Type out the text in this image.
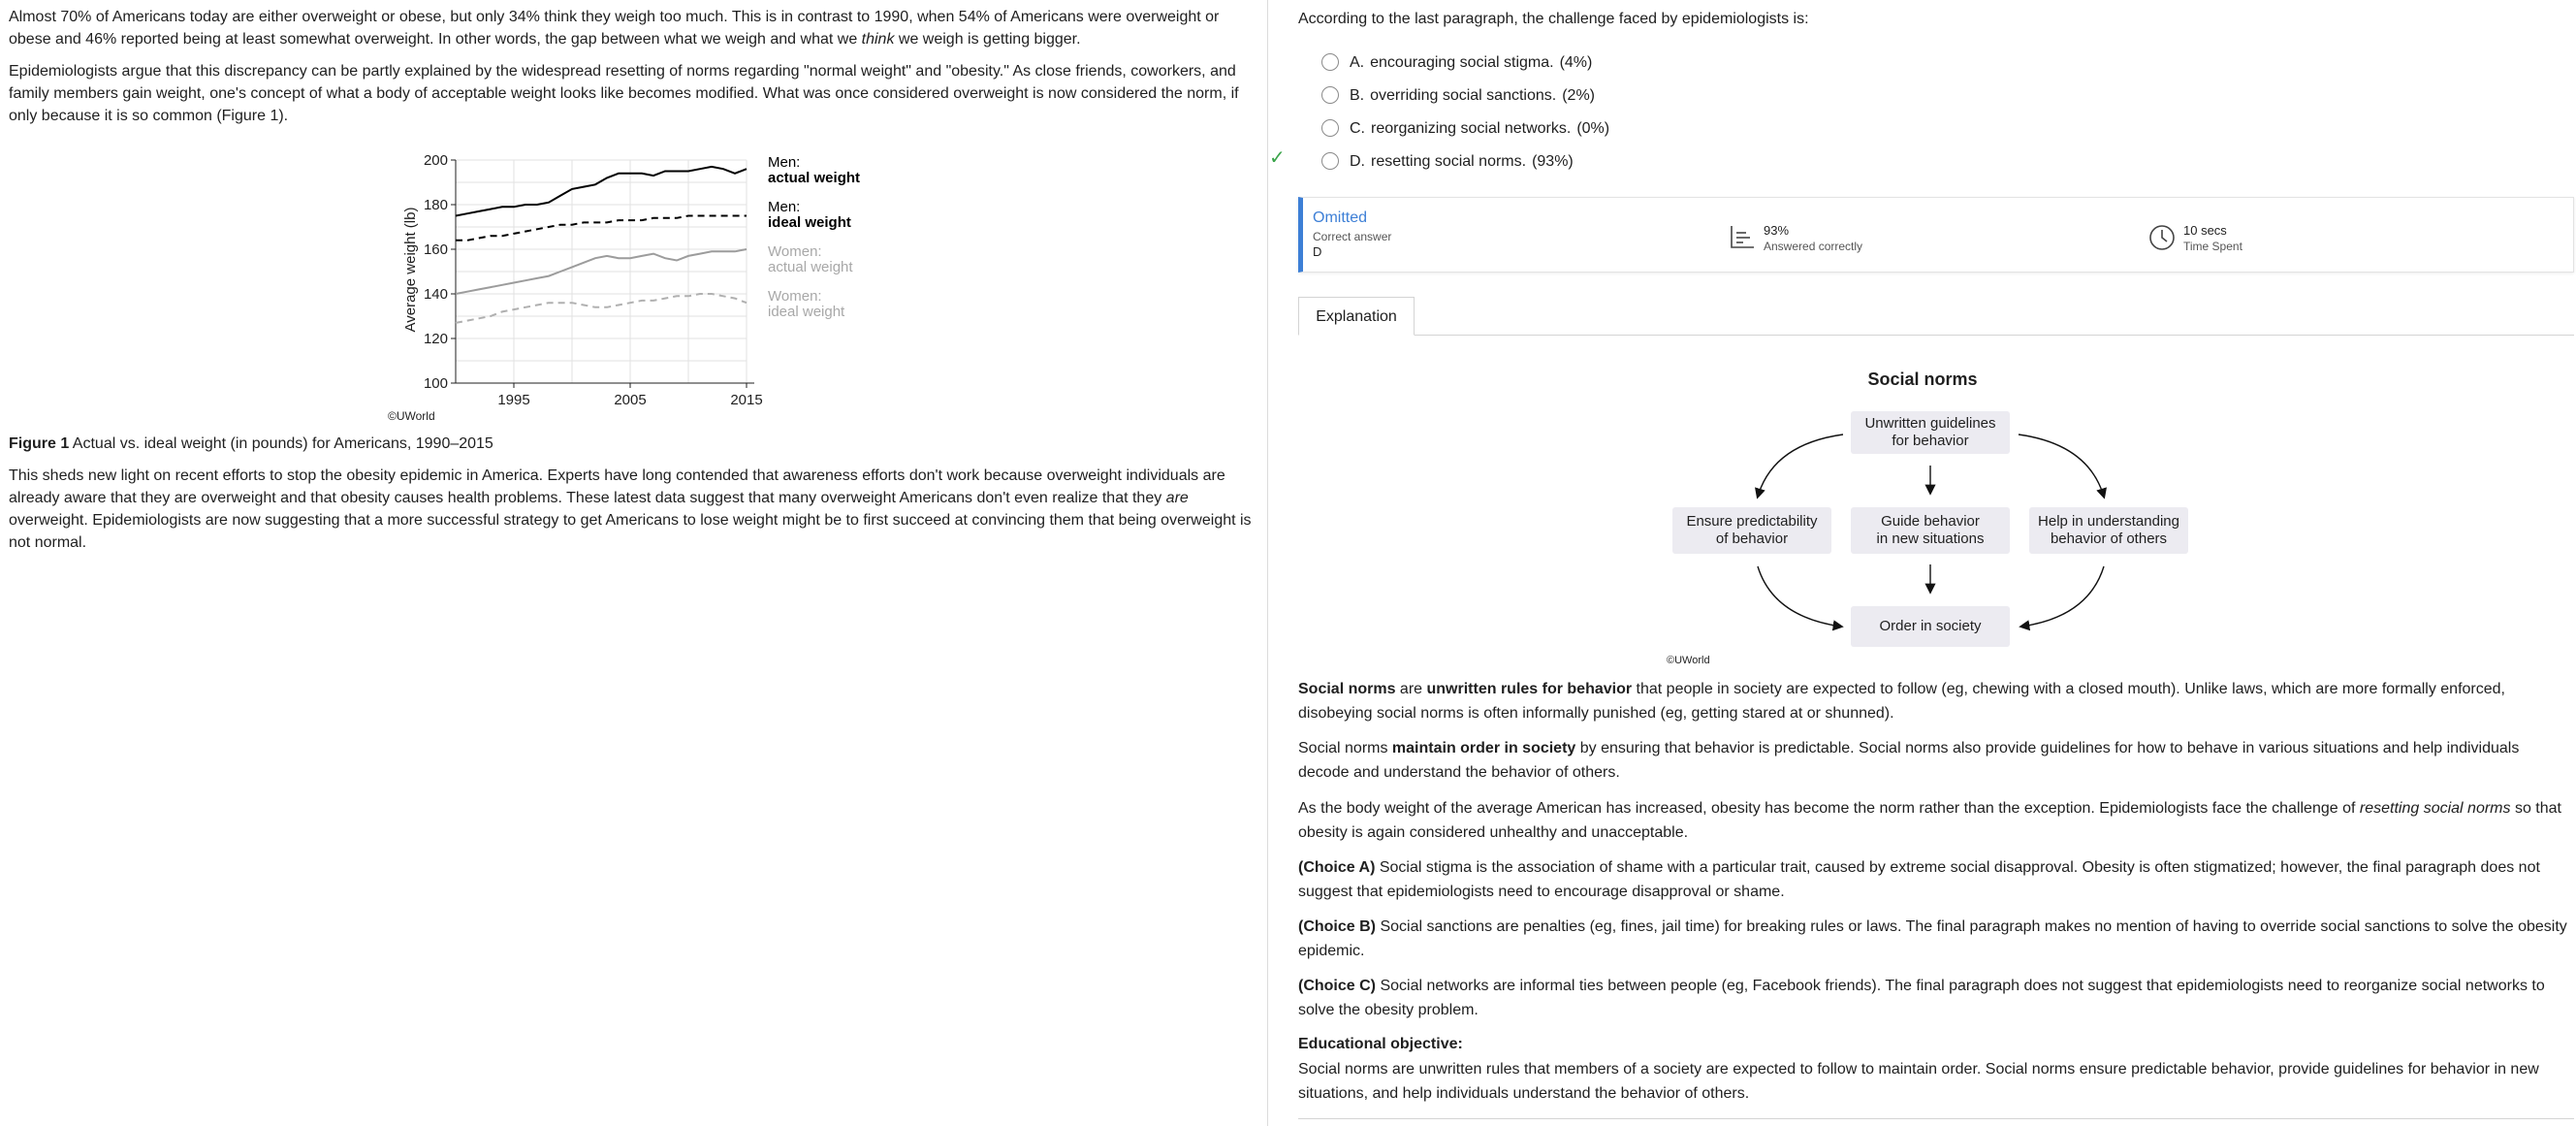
Almost 70% of Americans today are either overweight or obese, but only 34% think they weigh too much. This is in contrast to 1990, when 54% of Americans were overweight or obese and 46% reported being at least somewhat overweight. In other words, the gap between what we weigh and what we think we weigh is getting bigger.

Epidemiologists argue that this discrepancy can be partly explained by the widespread resetting of norms regarding "normal weight" and "obesity." As close friends, coworkers, and family members gain weight, one's concept of what a body of acceptable weight looks like becomes modified. What was once considered overweight is now considered the norm, if only because it is so common (Figure 1).

100
120
140
160
180
200
1995	2005	2015
Men:
actual weight
Men:
ideal weight
Women:
actual weight
Women:
ideal weight
Average weight (lb)
©UWorld

Figure 1 Actual vs. ideal weight (in pounds) for Americans, 1990–2015

This sheds new light on recent efforts to stop the obesity epidemic in America. Experts have long contended that awareness efforts don't work because overweight individuals are already aware that they are overweight and that obesity causes health problems. These latest data suggest that many overweight Americans don't even realize that they are overweight. Epidemiologists are now suggesting that a more successful strategy to get Americans to lose weight might be to first succeed at convincing them that being overweight is not normal.

According to the last paragraph, the challenge faced by epidemiologists is:

✓
A. encouraging social stigma. (4%)
B. overriding social sanctions. (2%)
C. reorganizing social networks. (0%)
D. resetting social norms. (93%)
Omitted
Correct answer
D
93%
Answered correctly
10 secs
Time Spent
Explanation
Social norms
Unwritten guidelines
for behavior
Ensure predictability
of behavior
Guide behavior
in new situations
Help in understanding
behavior of others
Order in society
©UWorld

Social norms are unwritten rules for behavior that people in society are expected to follow (eg, chewing with a closed mouth). Unlike laws, which are more formally enforced, disobeying social norms is often informally punished (eg, getting stared at or shunned).

Social norms maintain order in society by ensuring that behavior is predictable. Social norms also provide guidelines for how to behave in various situations and help individuals decode and understand the behavior of others.

As the body weight of the average American has increased, obesity has become the norm rather than the exception. Epidemiologists face the challenge of resetting social norms so that obesity is again considered unhealthy and unacceptable.

(Choice A) Social stigma is the association of shame with a particular trait, caused by extreme social disapproval. Obesity is often stigmatized; however, the final paragraph does not suggest that epidemiologists need to encourage disapproval or shame.

(Choice B) Social sanctions are penalties (eg, fines, jail time) for breaking rules or laws. The final paragraph makes no mention of having to override social sanctions to solve the obesity epidemic.

(Choice C) Social networks are informal ties between people (eg, Facebook friends). The final paragraph does not suggest that epidemiologists need to reorganize social networks to solve the obesity problem.

Educational objective:

Social norms are unwritten rules that members of a society are expected to follow to maintain order. Social norms ensure predictable behavior, provide guidelines for behavior in new situations, and help individuals understand the behavior of others.
